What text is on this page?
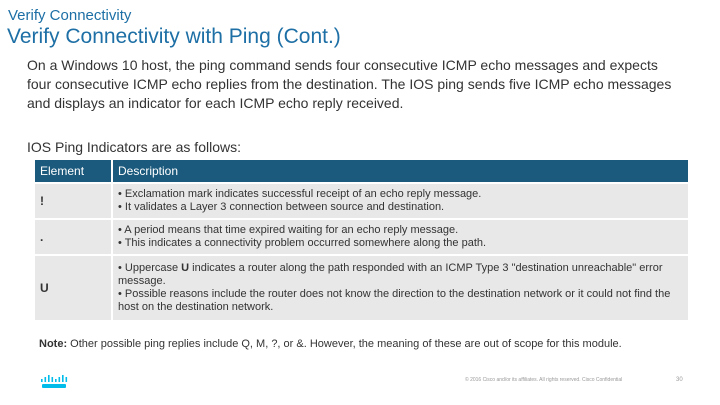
Verify Connectivity
Verify Connectivity with Ping (Cont.)

On a Windows 10 host, the ping command sends four consecutive ICMP echo messages and expects four consecutive ICMP echo replies from the destination. The IOS ping sends five ICMP echo messages and displays an indicator for each ICMP echo reply received.

IOS Ping Indicators are as follows:

Element	Description
!	• Exclamation mark indicates successful receipt of an echo reply message.
• It validates a Layer 3 connection between source and destination.

.	• A period means that time expired waiting for an echo reply message.
• This indicates a connectivity problem occurred somewhere along the path.

U	• Uppercase U indicates a router along the path responded with an ICMP Type 3 "destination unreachable" error message.
• Possible reasons include the router does not know the direction to the destination network or it could not find the host on the destination network.
Note: Other possible ping replies include Q, M, ?, or &. However, the meaning of these are out of scope for this module.
© 2016 Cisco and/or its affiliates. All rights reserved. Cisco Confidential	30
